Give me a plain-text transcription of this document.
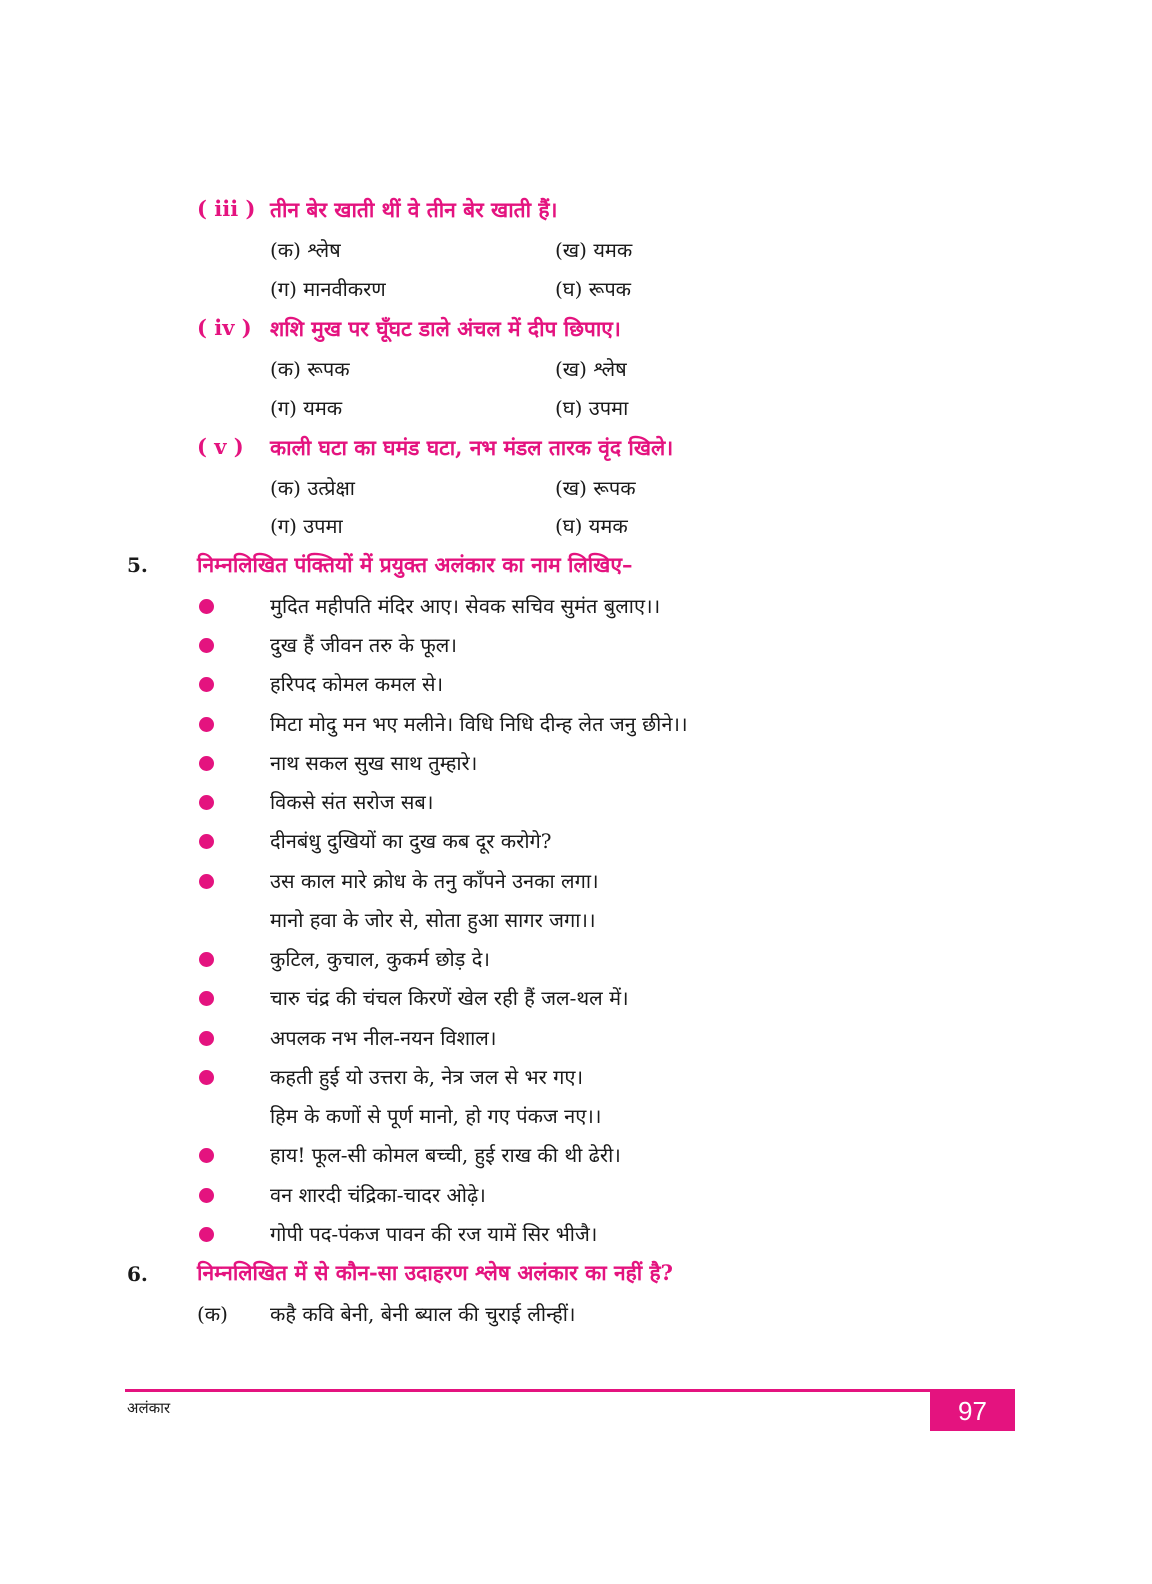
( iii ) तीन बेर खाती थीं वे तीन बेर खाती हैं।
(क) श्लेष	(ख) यमक
(ग) मानवीकरण	(घ) रूपक
( iv ) शशि मुख पर घूँघट डाले अंचल में दीप छिपाए।
(क) रूपक	(ख) श्लेष
(ग) यमक	(घ) उपमा
( v ) काली घटा का घमंड घटा, नभ मंडल तारक वृंद खिले।
(क) उत्प्रेक्षा	(ख) रूपक
(ग) उपमा	(घ) यमक
5. निम्नलिखित पंक्तियों में प्रयुक्त अलंकार का नाम लिखिए–
मुदित महीपति मंदिर आए। सेवक सचिव सुमंत बुलाए।।
दुख हैं जीवन तरु के फूल।
हरिपद कोमल कमल से।
मिटा मोदु मन भए मलीने। विधि निधि दीन्ह लेत जनु छीने।।
नाथ सकल सुख साथ तुम्हारे।
विकसे संत सरोज सब।
दीनबंधु दुखियों का दुख कब दूर करोगे?
उस काल मारे क्रोध के तनु काँपने उनका लगा।
मानो हवा के जोर से, सोता हुआ सागर जगा।।
कुटिल, कुचाल, कुकर्म छोड़ दे।
चारु चंद्र की चंचल किरणें खेल रही हैं जल-थल में।
अपलक नभ नील-नयन विशाल।
कहती हुई यो उत्तरा के, नेत्र जल से भर गए।
हिम के कणों से पूर्ण मानो, हो गए पंकज नए।।
हाय! फूल-सी कोमल बच्ची, हुई राख की थी ढेरी।
वन शारदी चंद्रिका-चादर ओढ़े।
गोपी पद-पंकज पावन की रज यामें सिर भीजै।
6. निम्नलिखित में से कौन-सा उदाहरण श्लेष अलंकार का नहीं है?
(क) कहै कवि बेनी, बेनी ब्याल की चुराई लीन्हीं।
अलंकार	97
